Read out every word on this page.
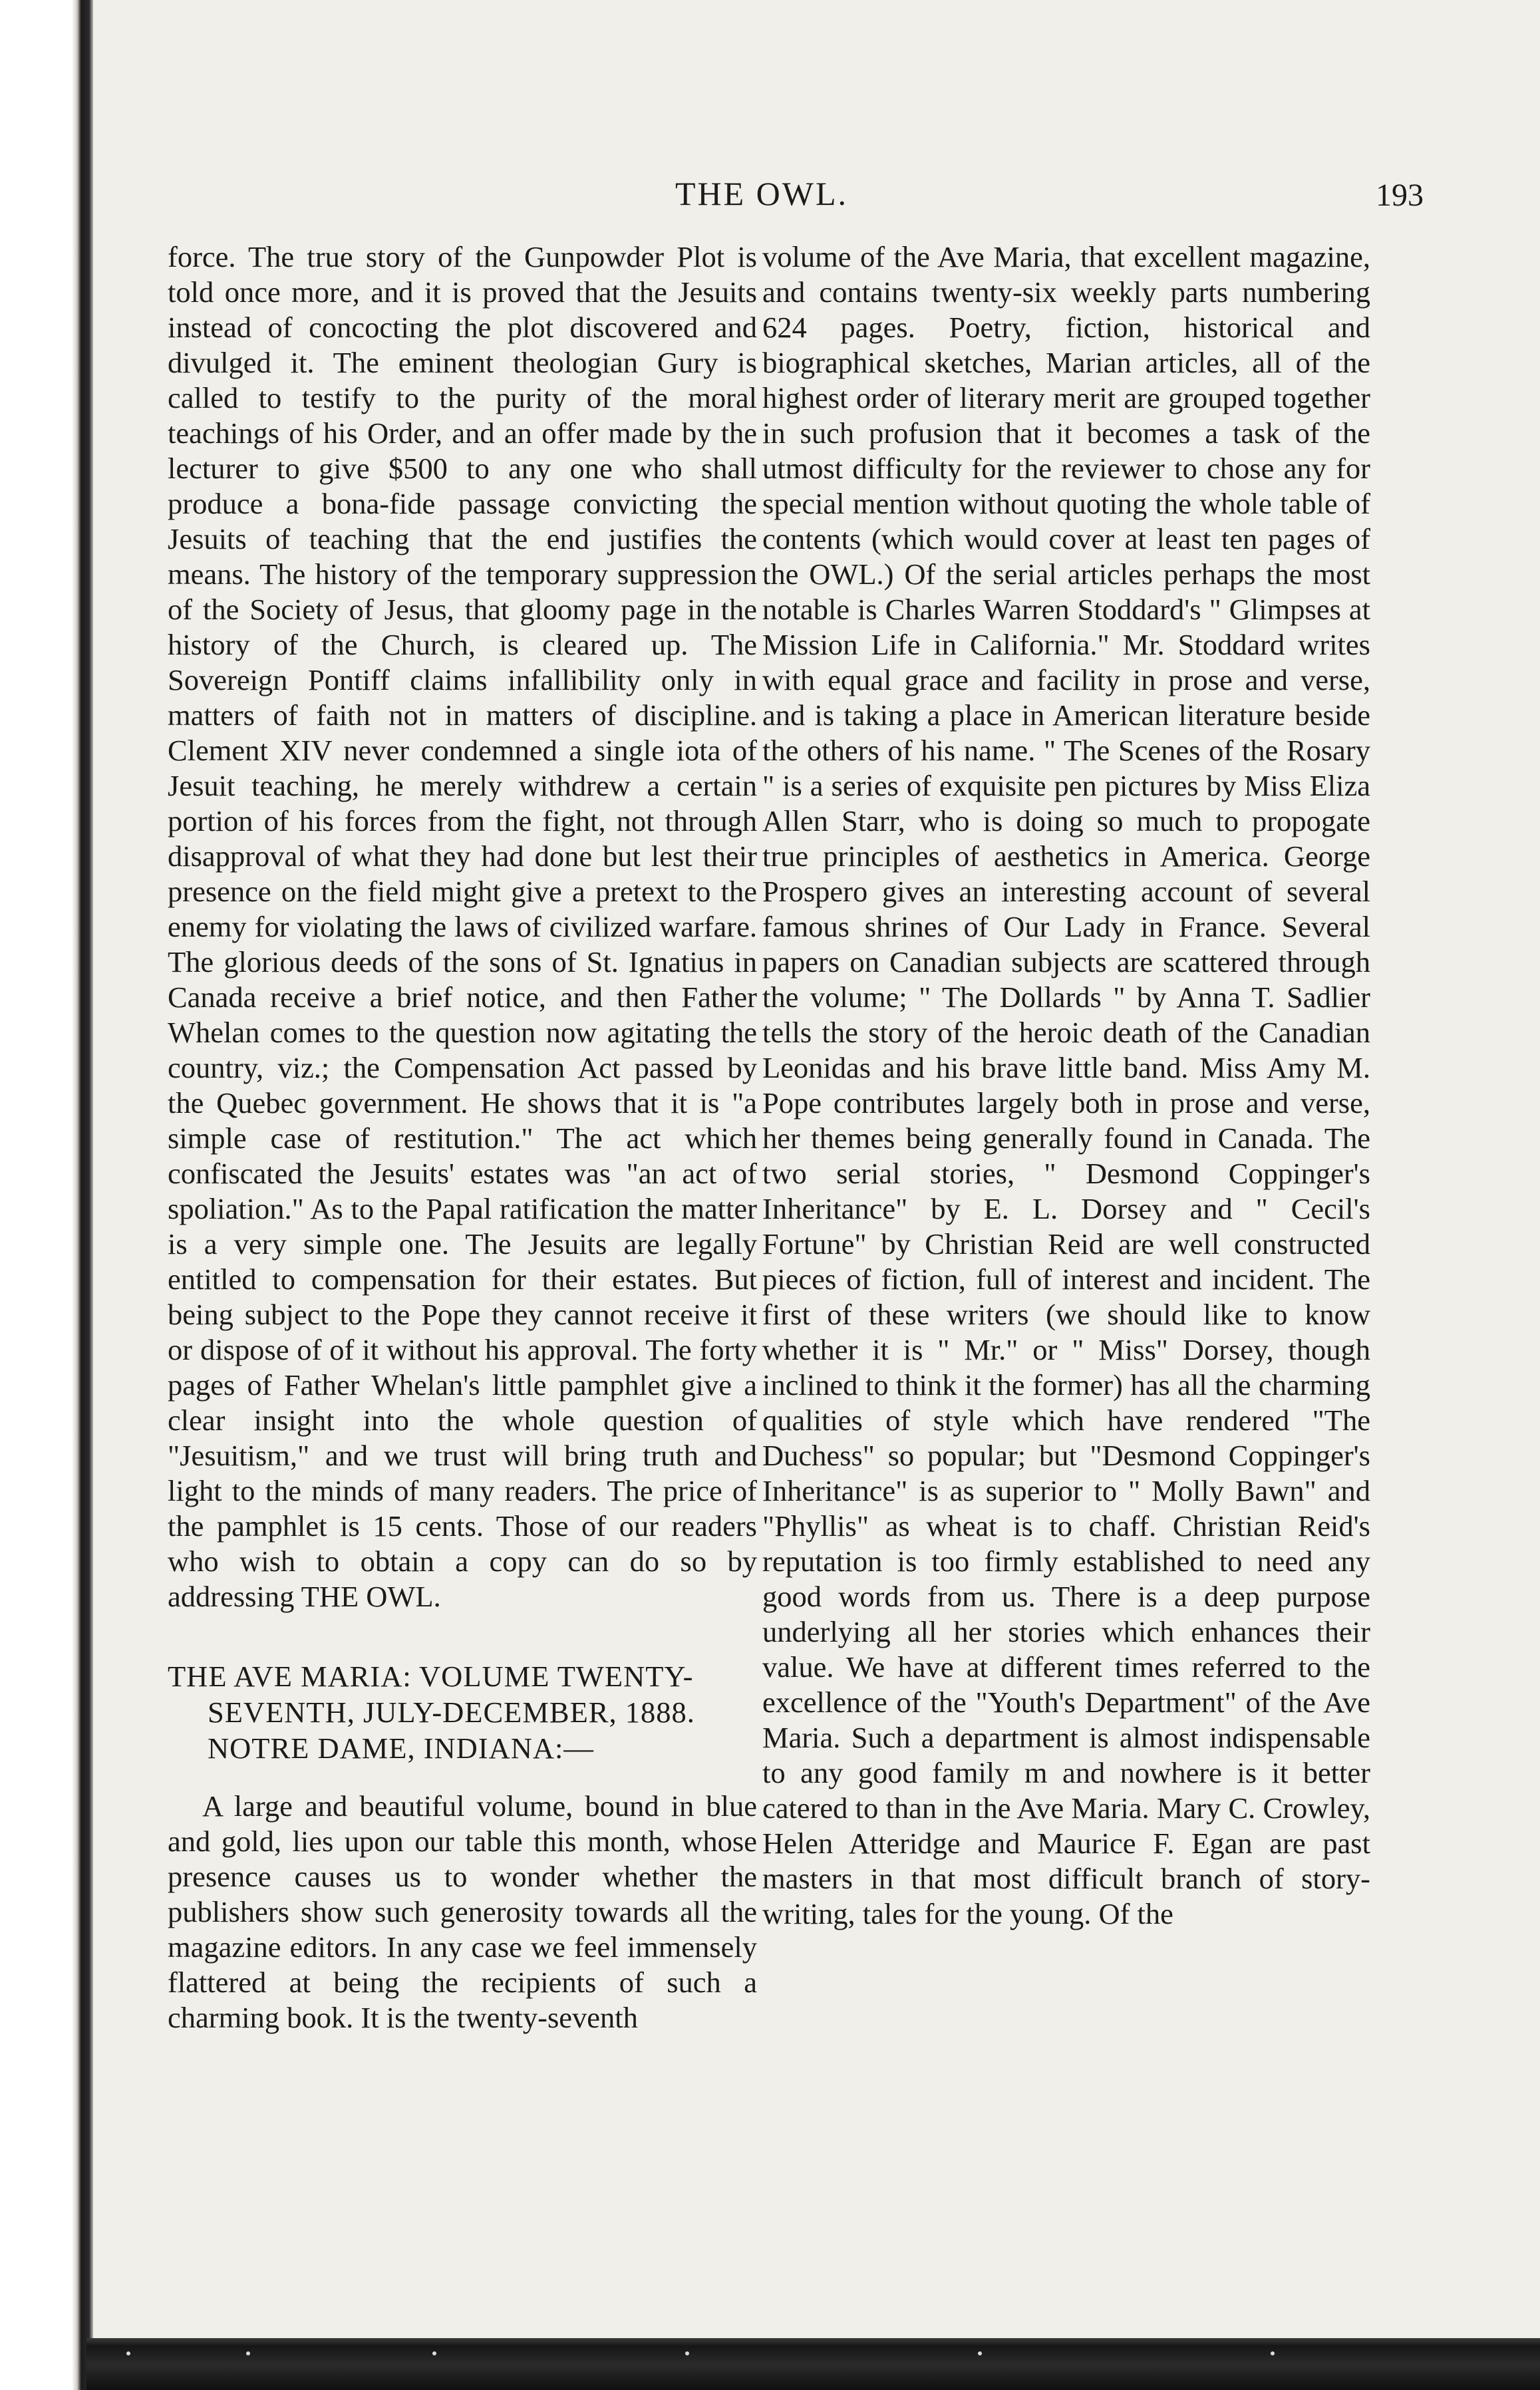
THE OWL.	193

force. The true story of the Gunpowder Plot is told once more, and it is proved that the Jesuits instead of concocting the plot discovered and divulged it. The eminent theologian Gury is called to testify to the purity of the moral teachings of his Order, and an offer made by the lecturer to give $500 to any one who shall produce a bona-fide passage convicting the Jesuits of teaching that the end justifies the means. The history of the temporary suppression of the Society of Jesus, that gloomy page in the history of the Church, is cleared up. The Sovereign Pontiff claims infallibility only in matters of faith not in matters of discipline. Clement XIV never condemned a single iota of Jesuit teaching, he merely withdrew a certain portion of his forces from the fight, not through disapproval of what they had done but lest their presence on the field might give a pretext to the enemy for violating the laws of civilized warfare. The glorious deeds of the sons of St. Ignatius in Canada receive a brief notice, and then Father Whelan comes to the question now agitating the country, viz.; the Compensation Act passed by the Quebec government. He shows that it is "a simple case of restitution." The act which confiscated the Jesuits' estates was "an act of spoliation." As to the Papal ratification the matter is a very simple one. The Jesuits are legally entitled to compensation for their estates. But being subject to the Pope they cannot receive it or dispose of of it without his approval. The forty pages of Father Whelan's little pamphlet give a clear insight into the whole question of "Jesuitism," and we trust will bring truth and light to the minds of many readers. The price of the pamphlet is 15 cents. Those of our readers who wish to obtain a copy can do so by addressing THE OWL.

THE AVE MARIA: VOLUME TWENTY-SEVENTH, JULY-DECEMBER, 1888. NOTRE DAME, INDIANA:—

A large and beautiful volume, bound in blue and gold, lies upon our table this month, whose presence causes us to wonder whether the publishers show such generosity towards all the magazine editors. In any case we feel immensely flattered at being the recipients of such a charming book. It is the twenty-seventh

volume of the Ave Maria, that excellent magazine, and contains twenty-six weekly parts numbering 624 pages. Poetry, fiction, historical and biographical sketches, Marian articles, all of the highest order of literary merit are grouped together in such profusion that it becomes a task of the utmost difficulty for the reviewer to chose any for special mention without quoting the whole table of contents (which would cover at least ten pages of the OWL.) Of the serial articles perhaps the most notable is Charles Warren Stoddard's " Glimpses at Mission Life in California." Mr. Stoddard writes with equal grace and facility in prose and verse, and is taking a place in American literature beside the others of his name. " The Scenes of the Rosary " is a series of exquisite pen pictures by Miss Eliza Allen Starr, who is doing so much to propogate true principles of aesthetics in America. George Prospero gives an interesting account of several famous shrines of Our Lady in France. Several papers on Canadian subjects are scattered through the volume; " The Dollards " by Anna T. Sadlier tells the story of the heroic death of the Canadian Leonidas and his brave little band. Miss Amy M. Pope contributes largely both in prose and verse, her themes being generally found in Canada. The two serial stories, " Desmond Coppinger's Inheritance" by E. L. Dorsey and " Cecil's Fortune" by Christian Reid are well constructed pieces of fiction, full of interest and incident. The first of these writers (we should like to know whether it is " Mr." or " Miss" Dorsey, though inclined to think it the former) has all the charming qualities of style which have rendered "The Duchess" so popular; but "Desmond Coppinger's Inheritance" is as superior to " Molly Bawn" and "Phyllis" as wheat is to chaff. Christian Reid's reputation is too firmly established to need any good words from us. There is a deep purpose underlying all her stories which enhances their value. We have at different times referred to the excellence of the "Youth's Department" of the Ave Maria. Such a department is almost indispensable to any good family m and nowhere is it better catered to than in the Ave Maria. Mary C. Crowley, Helen Atteridge and Maurice F. Egan are past masters in that most difficult branch of story-writing, tales for the young. Of the
